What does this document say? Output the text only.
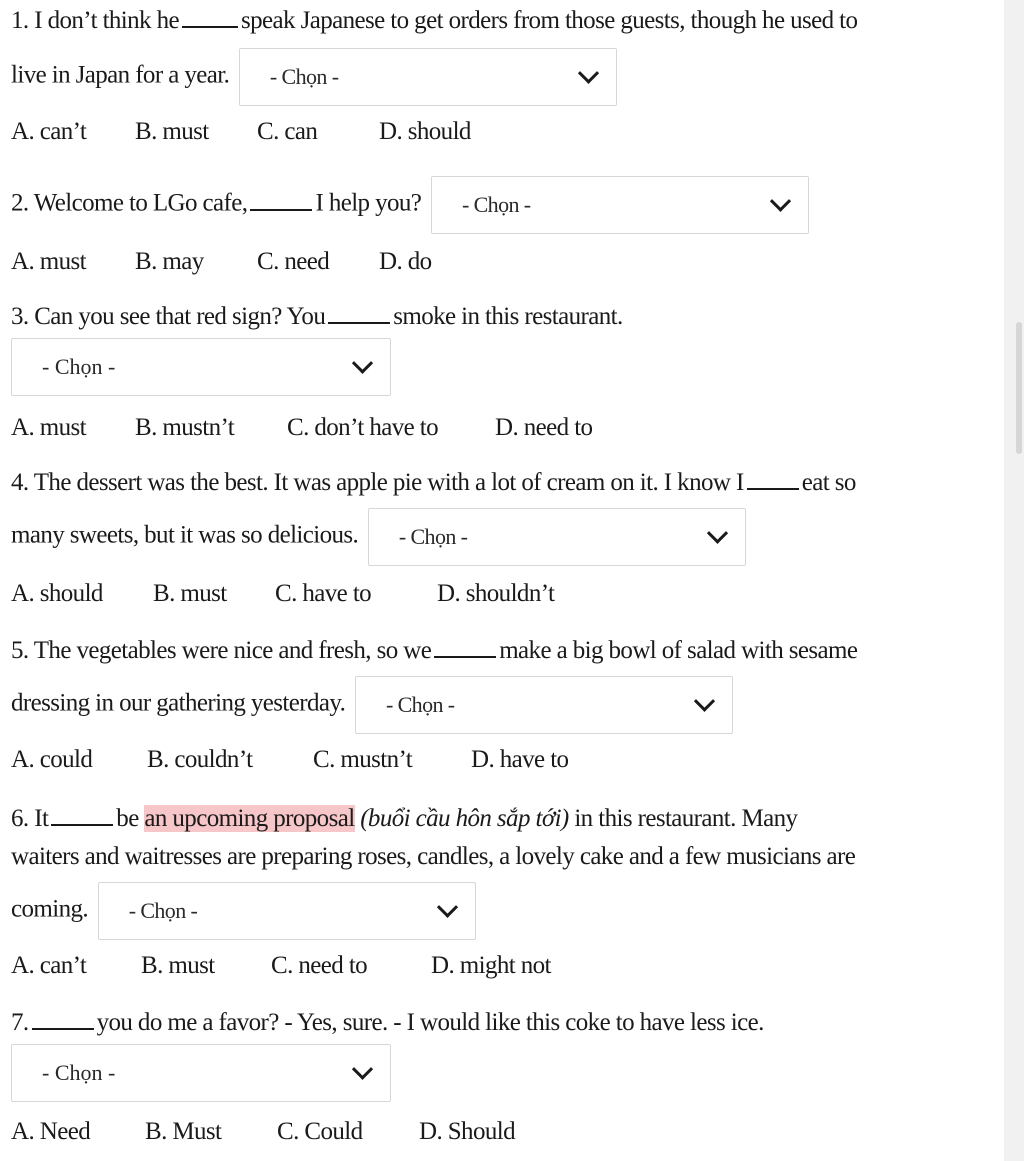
1. I don’t think he speak Japanese to get orders from those guests, though he used to
live in Japan for a year. - Chọn -
A. can’t B. must C. can D. should
2. Welcome to LGo cafe,	I help you? - Chọn -
A. must B. may C. need D. do
3. Can you see that red sign? You	smoke in this restaurant.
- Chọn -
A. must B. mustn’t C. don’t have to D. need to
4. The dessert was the best. It was apple pie with a lot of cream on it. I know I eat so
many sweets, but it was so delicious. - Chọn -
A. should B. must C. have to	D. shouldn’t
5. The vegetables were nice and fresh, so we	make a big bowl of salad with sesame
dressing in our gathering yesterday. - Chọn -
A. could B. couldn’t C. mustn’t D. have to
6. It	be an upcoming proposal (buổi cầu hôn sắp tới) in this restaurant. Many
waiters and waitresses are preparing roses, candles, a lovely cake and a few musicians are
coming. - Chọn -
A. can’t B. must C. need to	D. might not
7.	you do me a favor? - Yes, sure. - I would like this coke to have less ice.
- Chọn -
A. Need B. Must C. Could D. Should
